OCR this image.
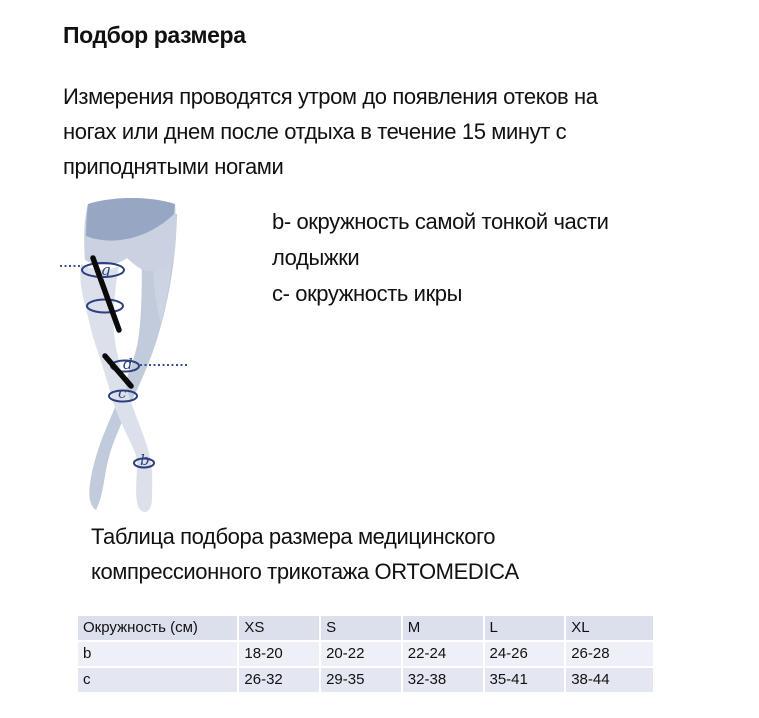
Подбор размера
Измерения проводятся утром до появления отеков на ногах или днем после отдыха в течение 15 минут с приподнятыми ногами
g
d
c
b
b- окружность самой тонкой части лодыжки
c- окружность икры
Таблица подбора размера медицинского компрессионного трикотажа ORTOMEDICA
Окружность (см)	XS	S	M	L	XL
b	18-20	20-22	22-24	24-26	26-28
c	26-32	29-35	32-38	35-41	38-44
